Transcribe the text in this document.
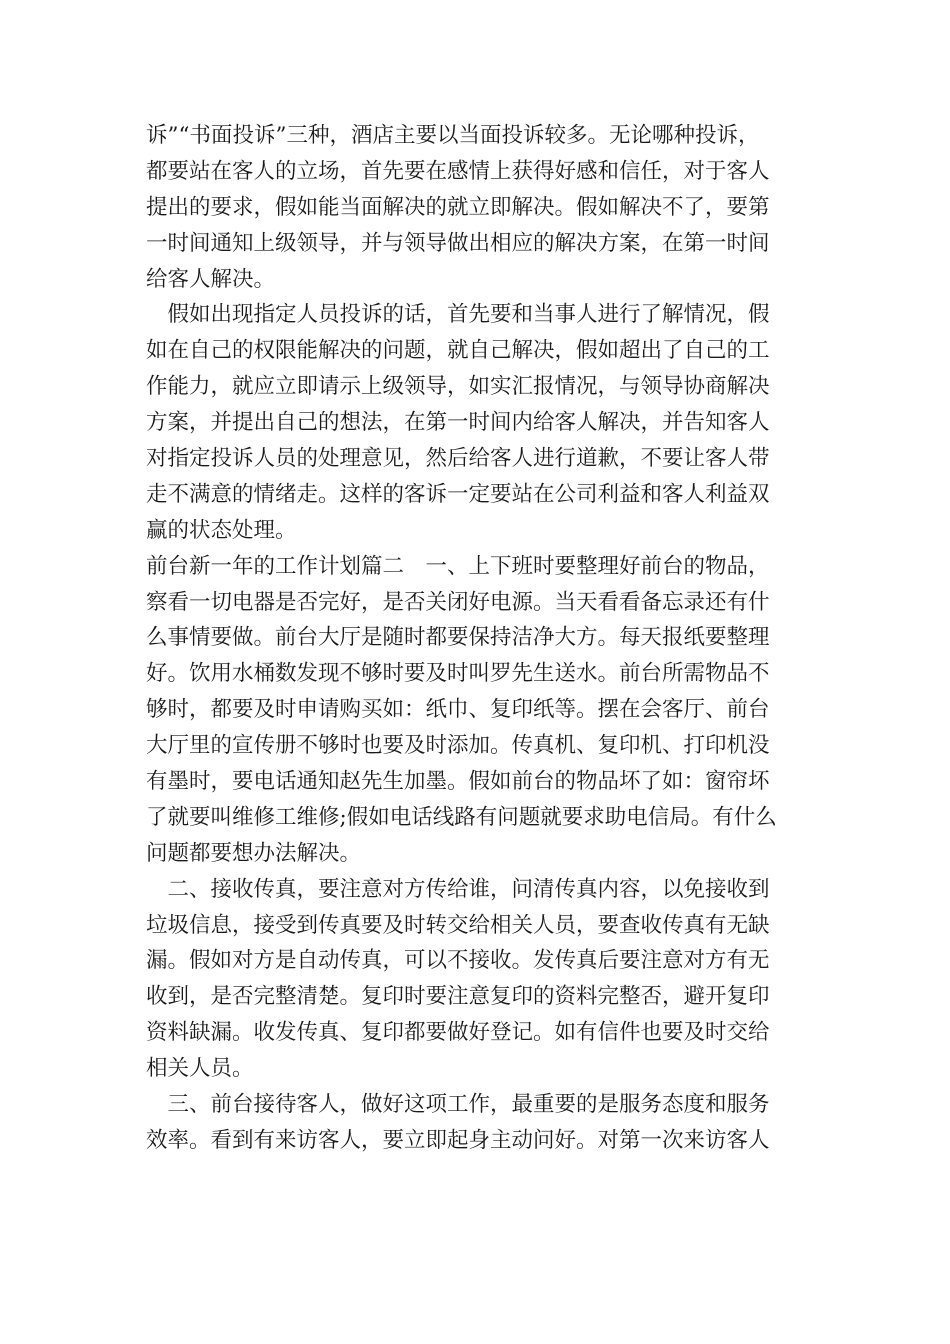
诉”“书面投诉”三种，酒店主要以当面投诉较多。无论哪种投诉，
都要站在客人的立场，首先要在感情上获得好感和信任，对于客人
提出的要求，假如能当面解决的就立即解决。假如解决不了，要第
一时间通知上级领导，并与领导做出相应的解决方案，在第一时间
给客人解决。
　假如出现指定人员投诉的话，首先要和当事人进行了解情况，假
如在自己的权限能解决的问题，就自己解决，假如超出了自己的工
作能力，就应立即请示上级领导，如实汇报情况，与领导协商解决
方案，并提出自己的想法，在第一时间内给客人解决，并告知客人
对指定投诉人员的处理意见，然后给客人进行道歉，不要让客人带
走不满意的情绪走。这样的客诉一定要站在公司利益和客人利益双
赢的状态处理。
前台新一年的工作计划篇二　一、上下班时要整理好前台的物品，
察看一切电器是否完好，是否关闭好电源。当天看看备忘录还有什
么事情要做。前台大厅是随时都要保持洁净大方。每天报纸要整理
好。饮用水桶数发现不够时要及时叫罗先生送水。前台所需物品不
够时，都要及时申请购买如：纸巾、复印纸等。摆在会客厅、前台
大厅里的宣传册不够时也要及时添加。传真机、复印机、打印机没
有墨时，要电话通知赵先生加墨。假如前台的物品坏了如：窗帘坏
了就要叫维修工维修;假如电话线路有问题就要求助电信局。有什么
问题都要想办法解决。
　二、接收传真，要注意对方传给谁，问清传真内容，以免接收到
垃圾信息，接受到传真要及时转交给相关人员，要查收传真有无缺
漏。假如对方是自动传真，可以不接收。发传真后要注意对方有无
收到，是否完整清楚。复印时要注意复印的资料完整否，避开复印
资料缺漏。收发传真、复印都要做好登记。如有信件也要及时交给
相关人员。
　三、前台接待客人，做好这项工作，最重要的是服务态度和服务
效率。看到有来访客人，要立即起身主动问好。对第一次来访客人
